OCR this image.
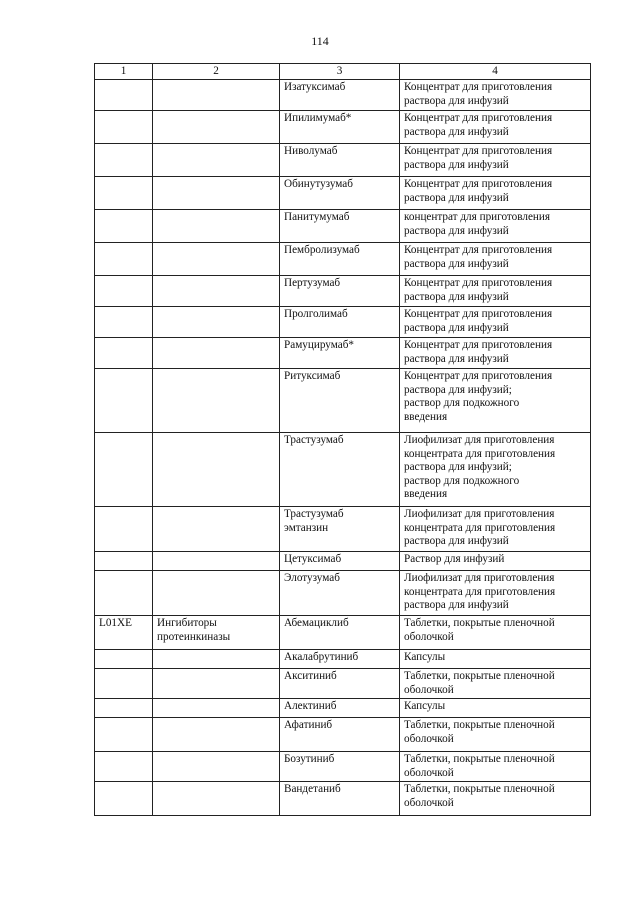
114
1	2	3	4

		Изатуксимаб	Концентрат для приготовления
раствора для инфузий

		Ипилимумаб*	Концентрат для приготовления
раствора для инфузий

		Ниволумаб	Концентрат для приготовления
раствора для инфузий

		Обинутузумаб	Концентрат для приготовления
раствора для инфузий

		Панитумумаб	концентрат для приготовления
раствора для инфузий

		Пембролизумаб	Концентрат для приготовления
раствора для инфузий

		Пертузумаб	Концентрат для приготовления
раствора для инфузий

		Пролголимаб	Концентрат для приготовления
раствора для инфузий

		Рамуцирумаб*	Концентрат для приготовления
раствора для инфузий

		Ритуксимаб	Концентрат для приготовления
раствора для инфузий;
раствор для подкожного
введения

		Трастузумаб	Лиофилизат для приготовления
концентрата для приготовления
раствора для инфузий;
раствор для подкожного
введения

		Трастузумаб
эмтанзин	Лиофилизат для приготовления
концентрата для приготовления
раствора для инфузий

		Цетуксимаб	Раствор для инфузий

		Элотузумаб	Лиофилизат для приготовления
концентрата для приготовления
раствора для инфузий

L01XE	Ингибиторы
протеинкиназы	Абемациклиб	Таблетки, покрытые пленочной
оболочкой

		Акалабрутиниб	Капсулы

		Акситиниб	Таблетки, покрытые пленочной
оболочкой

		Алектиниб	Капсулы

		Афатиниб	Таблетки, покрытые пленочной
оболочкой

		Бозутиниб	Таблетки, покрытые пленочной
оболочкой

		Вандетаниб	Таблетки, покрытые пленочной
оболочкой
